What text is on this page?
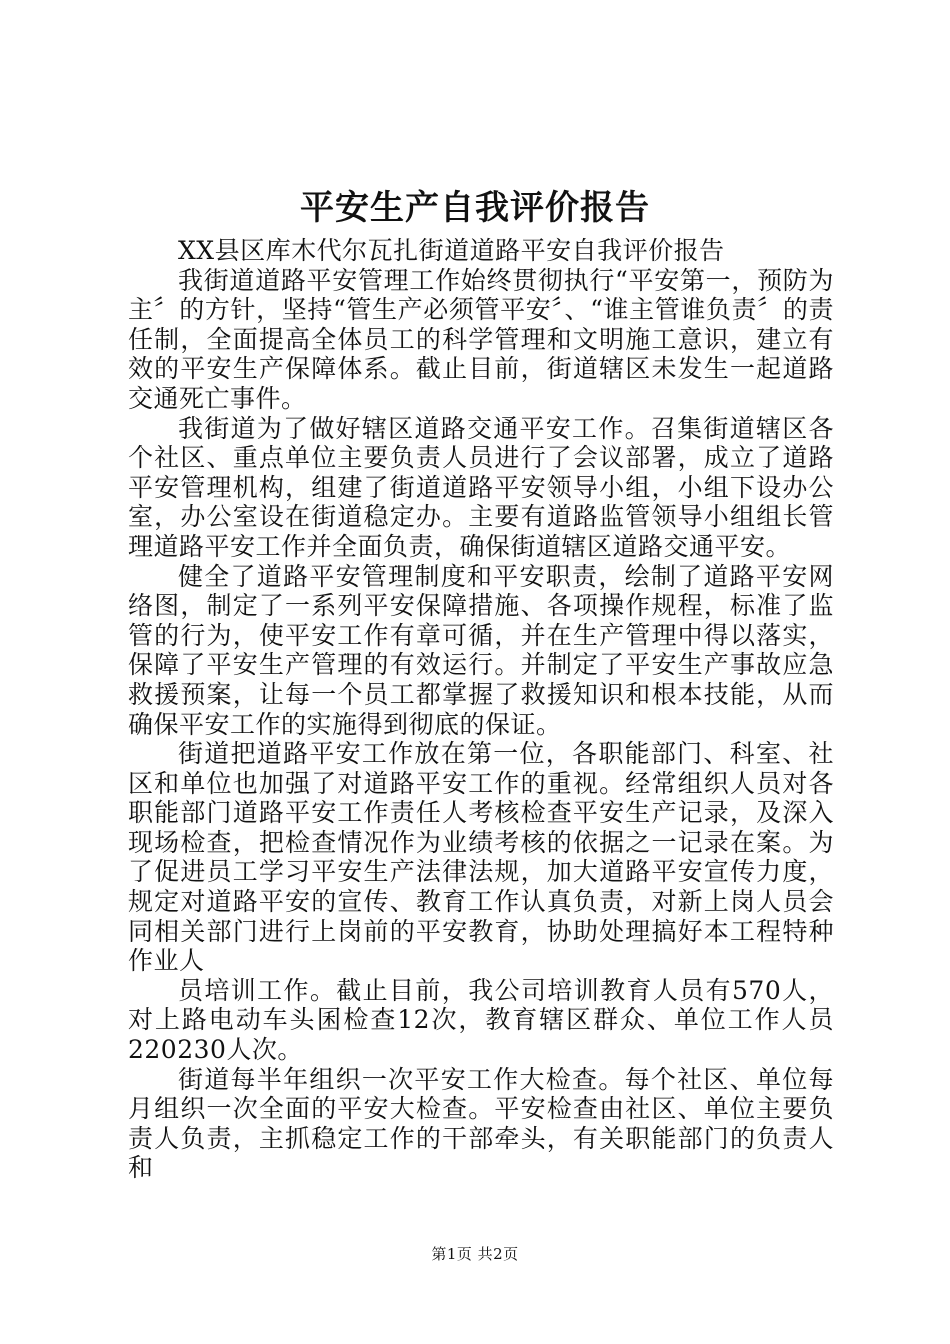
平安生产自我评价报告

XX县区库木代尔瓦扎街道道路平安自我评价报告

我街道道路平安管理工作始终贯彻执行“平安第一，预防为主〞的方针，坚持“管生产必须管平安〞、“谁主管谁负责〞的责任制，全面提高全体员工的科学管理和文明施工意识，建立有效的平安生产保障体系。截止目前，街道辖区未发生一起道路交通死亡事件。

我街道为了做好辖区道路交通平安工作。召集街道辖区各个社区、重点单位主要负责人员进行了会议部署，成立了道路平安管理机构，组建了街道道路平安领导小组，小组下设办公室，办公室设在街道稳定办。主要有道路监管领导小组组长管理道路平安工作并全面负责，确保街道辖区道路交通平安。

健全了道路平安管理制度和平安职责，绘制了道路平安网络图，制定了一系列平安保障措施、各项操作规程，标准了监管的行为，使平安工作有章可循，并在生产管理中得以落实，保障了平安生产管理的有效运行。并制定了平安生产事故应急救援预案，让每一个员工都掌握了救援知识和根本技能，从而确保平安工作的实施得到彻底的保证。

街道把道路平安工作放在第一位，各职能部门、科室、社区和单位也加强了对道路平安工作的重视。经常组织人员对各职能部门道路平安工作责任人考核检查平安生产记录，及深入现场检查，把检查情况作为业绩考核的依据之一记录在案。为了促进员工学习平安生产法律法规，加大道路平安宣传力度，规定对道路平安的宣传、教育工作认真负责，对新上岗人员会同相关部门进行上岗前的平安教育，协助处理搞好本工程特种作业人

员培训工作。截止目前，我公司培训教育人员有570人，对上路电动车头囷检查12次，教育辖区群众、单位工作人员220230人次。

街道每半年组织一次平安工作大检查。每个社区、单位每月组织一次全面的平安大检查。平安检查由社区、单位主要负责人负责，主抓稳定工作的干部牵头，有关职能部门的负责人和

第1页 共2页
